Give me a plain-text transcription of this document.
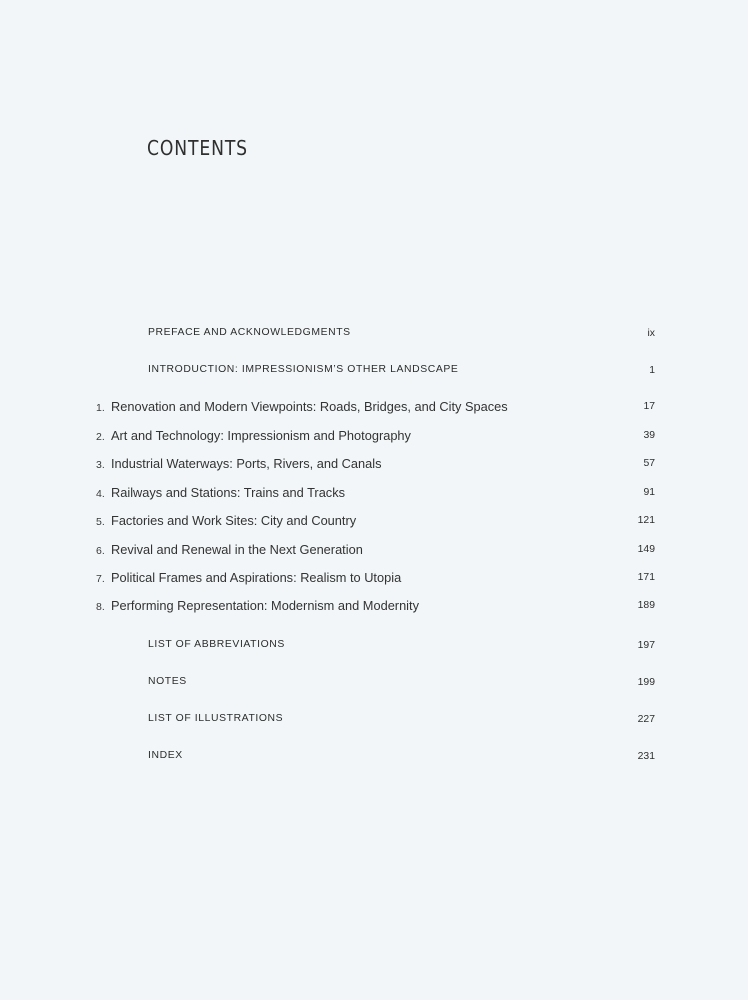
CONTENTS
PREFACE AND ACKNOWLEDGMENTS	ix
INTRODUCTION: IMPRESSIONISM’S OTHER LANDSCAPE	1
1. Renovation and Modern Viewpoints: Roads, Bridges, and City Spaces	17
2. Art and Technology: Impressionism and Photography	39
3. Industrial Waterways: Ports, Rivers, and Canals	57
4. Railways and Stations: Trains and Tracks	91
5. Factories and Work Sites: City and Country	121
6. Revival and Renewal in the Next Generation	149
7. Political Frames and Aspirations: Realism to Utopia	171
8. Performing Representation: Modernism and Modernity	189
LIST OF ABBREVIATIONS	197
NOTES	199
LIST OF ILLUSTRATIONS	227
INDEX	231
